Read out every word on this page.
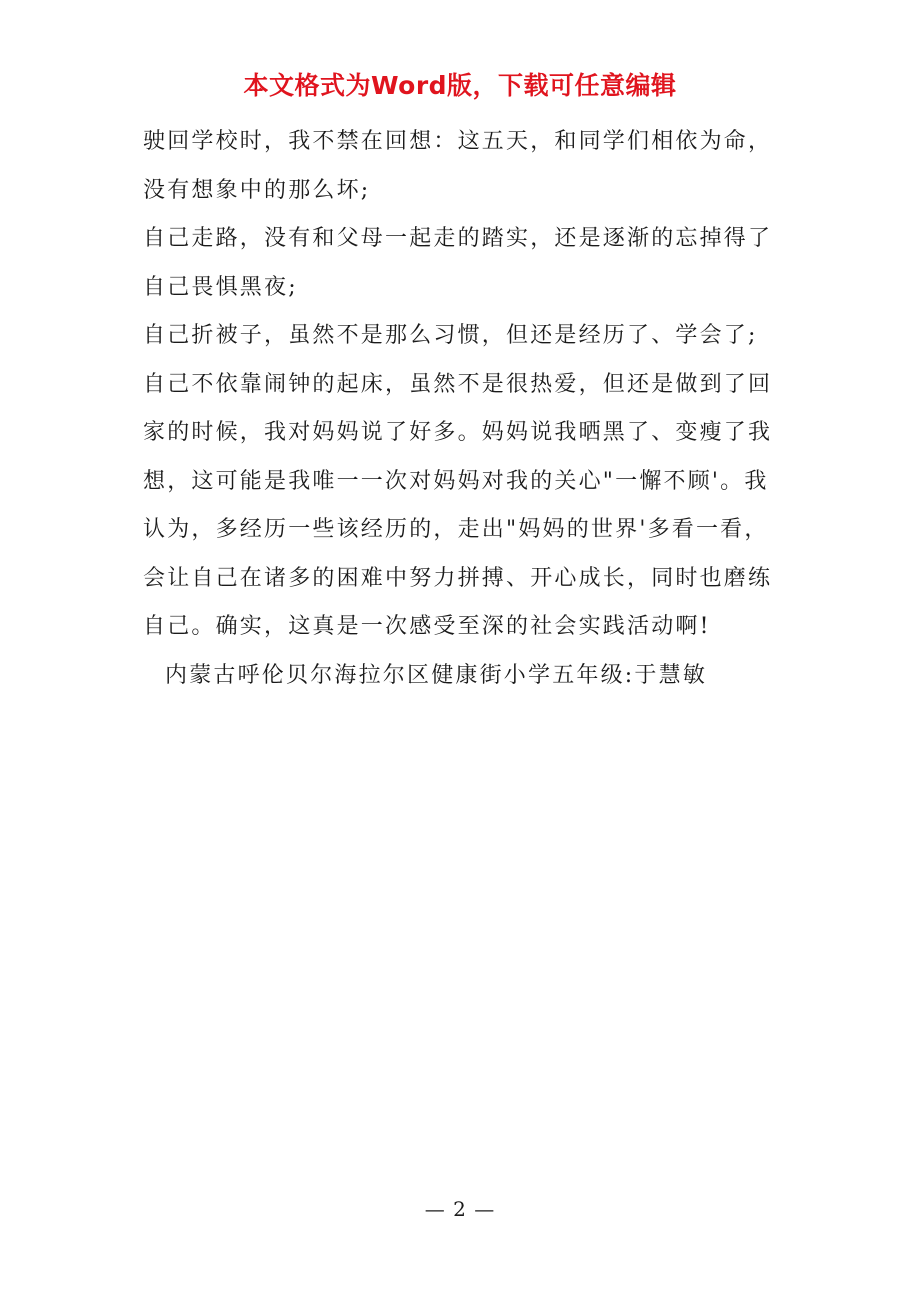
本文格式为Word版，下载可任意编辑
驶回学校时，我不禁在回想：这五天，和同学们相依为命，
没有想象中的那么坏;
自己走路，没有和父母一起走的踏实，还是逐渐的忘掉得了
自己畏惧黑夜;
自己折被子，虽然不是那么习惯，但还是经历了、学会了;
自己不依靠闹钟的起床，虽然不是很热爱，但还是做到了回
家的时候，我对妈妈说了好多。妈妈说我晒黑了、变瘦了我
想，这可能是我唯一一次对妈妈对我的关心"一懈不顾'。我
认为，多经历一些该经历的，走出"妈妈的世界'多看一看，
会让自己在诸多的困难中努力拼搏、开心成长，同时也磨练
自己。确实，这真是一次感受至深的社会实践活动啊!
内蒙古呼伦贝尔海拉尔区健康街小学五年级:于慧敏
— 2 —
